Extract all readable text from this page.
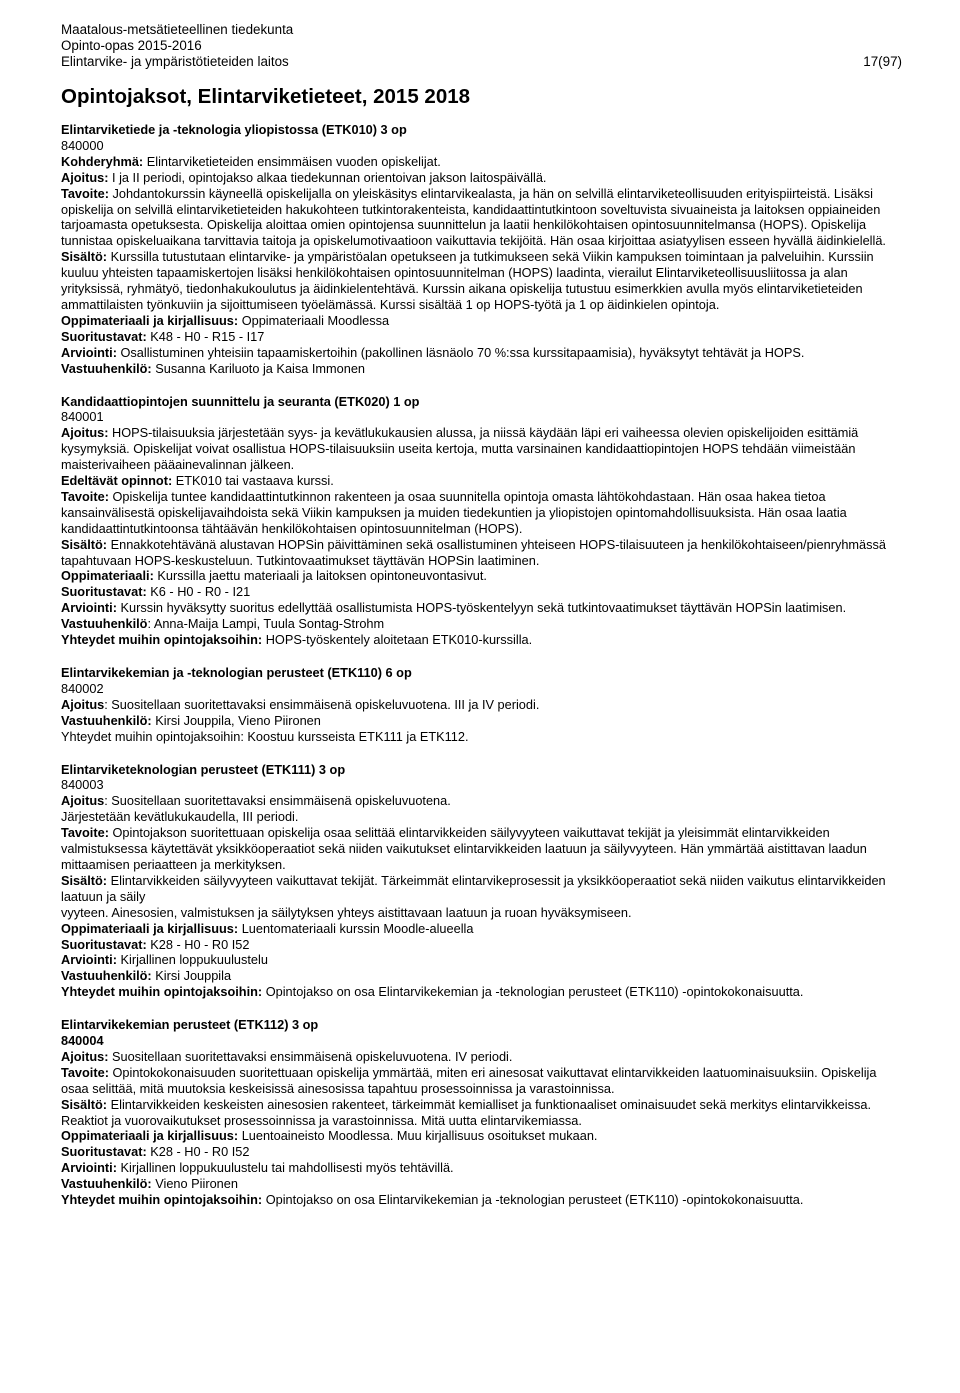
Maatalous-metsätieteellinen tiedekunta
Opinto-opas 2015-2016
Elintarvike- ja ympäristötieteiden laitos	17(97)
Opintojaksot, Elintarviketieteet, 2015 2018

Elintarviketiede ja -teknologia yliopistossa (ETK010) 3 op

840000

Kohderyhmä: Elintarviketieteiden ensimmäisen vuoden opiskelijat.

Ajoitus: I ja II periodi, opintojakso alkaa tiedekunnan orientoivan jakson laitospäivällä.

Tavoite: Johdantokurssin käyneellä opiskelijalla on yleiskäsitys elintarvikealasta, ja hän on selvillä elintarviketeollisuuden erityispiirteistä. Lisäksi opiskelija on selvillä elintarviketieteiden hakukohteen tutkintorakenteista, kandidaattintutkintoon soveltuvista sivuaineista ja laitoksen oppiaineiden tarjoamasta opetuksesta. Opiskelija aloittaa omien opintojensa suunnittelun ja laatii henkilökohtaisen opintosuunnitelmansa (HOPS). Opiskelija tunnistaa opiskeluaikana tarvittavia taitoja ja opiskelumotivaatioon vaikuttavia tekijöitä. Hän osaa kirjoittaa asiatyylisen esseen hyvällä äidinkielellä.

Sisältö: Kurssilla tutustutaan elintarvike- ja ympäristöalan opetukseen ja tutkimukseen sekä Viikin kampuksen toimintaan ja palveluihin. Kurssiin kuuluu yhteisten tapaamiskertojen lisäksi henkilökohtaisen opintosuunnitelman (HOPS) laadinta, vierailut Elintarviketeollisuusliitossa ja alan yrityksissä, ryhmätyö, tiedonhakukoulutus ja äidinkielentehtävä. Kurssin aikana opiskelija tutustuu esimerkkien avulla myös elintarviketieteiden ammattilaisten työnkuviin ja sijoittumiseen työelämässä. Kurssi sisältää 1 op HOPS-työtä ja 1 op äidinkielen opintoja.

Oppimateriaali ja kirjallisuus: Oppimateriaali Moodlessa

Suoritustavat: K48 - H0 - R15 - I17

Arviointi: Osallistuminen yhteisiin tapaamiskertoihin (pakollinen läsnäolo 70 %:ssa kurssitapaamisia), hyväksytyt tehtävät ja HOPS.

Vastuuhenkilö: Susanna Kariluoto ja Kaisa Immonen

Kandidaattiopintojen suunnittelu ja seuranta (ETK020) 1 op

840001

Ajoitus: HOPS-tilaisuuksia järjestetään syys- ja kevätlukukausien alussa, ja niissä käydään läpi eri vaiheessa olevien opiskelijoiden esittämiä kysymyksiä. Opiskelijat voivat osallistua HOPS-tilaisuuksiin useita kertoja, mutta varsinainen kandidaattiopintojen HOPS tehdään viimeistään maisterivaiheen pääainevalinnan jälkeen.

Edeltävät opinnot: ETK010 tai vastaava kurssi.

Tavoite: Opiskelija tuntee kandidaattintutkinnon rakenteen ja osaa suunnitella opintoja omasta lähtökohdastaan. Hän osaa hakea tietoa kansainvälisestä opiskelijavaihdoista sekä Viikin kampuksen ja muiden tiedekuntien ja yliopistojen opintomahdollisuuksista. Hän osaa laatia kandidaattintutkintoonsa tähtäävän henkilökohtaisen opintosuunnitelman (HOPS).

Sisältö: Ennakkotehtävänä alustavan HOPSin päivittäminen sekä osallistuminen yhteiseen HOPS-tilaisuuteen ja henkilökohtaiseen/pienryhmässä tapahtuvaan HOPS-keskusteluun. Tutkintovaatimukset täyttävän HOPSin laatiminen.

Oppimateriaali: Kurssilla jaettu materiaali ja laitoksen opintoneuvontasivut.

Suoritustavat: K6 - H0 - R0 - I21

Arviointi: Kurssin hyväksytty suoritus edellyttää osallistumista HOPS-työskentelyyn sekä tutkintovaatimukset täyttävän HOPSin laatimisen.

Vastuuhenkilö: Anna-Maija Lampi, Tuula Sontag-Strohm

Yhteydet muihin opintojaksoihin: HOPS-työskentely aloitetaan ETK010-kurssilla.

Elintarvikekemian ja -teknologian perusteet (ETK110) 6 op

840002

Ajoitus: Suositellaan suoritettavaksi ensimmäisenä opiskeluvuotena. III ja IV periodi.

Vastuuhenkilö: Kirsi Jouppila, Vieno Piironen

Yhteydet muihin opintojaksoihin: Koostuu kursseista ETK111 ja ETK112.

Elintarviketeknologian perusteet (ETK111) 3 op

840003

Ajoitus: Suositellaan suoritettavaksi ensimmäisenä opiskeluvuotena.

Järjestetään kevätlukukaudella, III periodi.

Tavoite: Opintojakson suoritettuaan opiskelija osaa selittää elintarvikkeiden säilyvyyteen vaikuttavat tekijät ja yleisimmät elintarvikkeiden valmistuksessa käytettävät yksikköoperaatiot sekä niiden vaikutukset elintarvikkeiden laatuun ja säilyvyyteen. Hän ymmärtää aistittavan laadun mittaamisen periaatteen ja merkityksen.

Sisältö: Elintarvikkeiden säilyvyyteen vaikuttavat tekijät. Tärkeimmät elintarvikeprosessit ja yksikköoperaatiot sekä niiden vaikutus elintarvikkeiden laatuun ja säily

vyyteen. Ainesosien, valmistuksen ja säilytyksen yhteys aistittavaan laatuun ja ruoan hyväksymiseen.

Oppimateriaali ja kirjallisuus: Luentomateriaali kurssin Moodle-alueella

Suoritustavat: K28 - H0 - R0 I52

Arviointi: Kirjallinen loppukuulustelu

Vastuuhenkilö: Kirsi Jouppila

Yhteydet muihin opintojaksoihin: Opintojakso on osa Elintarvikekemian ja -teknologian perusteet (ETK110) -opintokokonaisuutta.

Elintarvikekemian perusteet (ETK112) 3 op

840004

Ajoitus: Suositellaan suoritettavaksi ensimmäisenä opiskeluvuotena. IV periodi.

Tavoite: Opintokokonaisuuden suoritettuaan opiskelija ymmärtää, miten eri ainesosat vaikuttavat elintarvikkeiden laatuominaisuuksiin. Opiskelija osaa selittää, mitä muutoksia keskeisissä ainesosissa tapahtuu prosessoinnissa ja varastoinnissa.

Sisältö: Elintarvikkeiden keskeisten ainesosien rakenteet, tärkeimmät kemialliset ja funktionaaliset ominaisuudet sekä merkitys elintarvikkeissa. Reaktiot ja vuorovaikutukset prosessoinnissa ja varastoinnissa. Mitä uutta elintarvikemiassa.

Oppimateriaali ja kirjallisuus: Luentoaineisto Moodlessa. Muu kirjallisuus osoitukset mukaan.

Suoritustavat: K28 - H0 - R0 I52

Arviointi: Kirjallinen loppukuulustelu tai mahdollisesti myös tehtävillä.

Vastuuhenkilö: Vieno Piironen

Yhteydet muihin opintojaksoihin: Opintojakso on osa Elintarvikekemian ja -teknologian perusteet (ETK110) -opintokokonaisuutta.
